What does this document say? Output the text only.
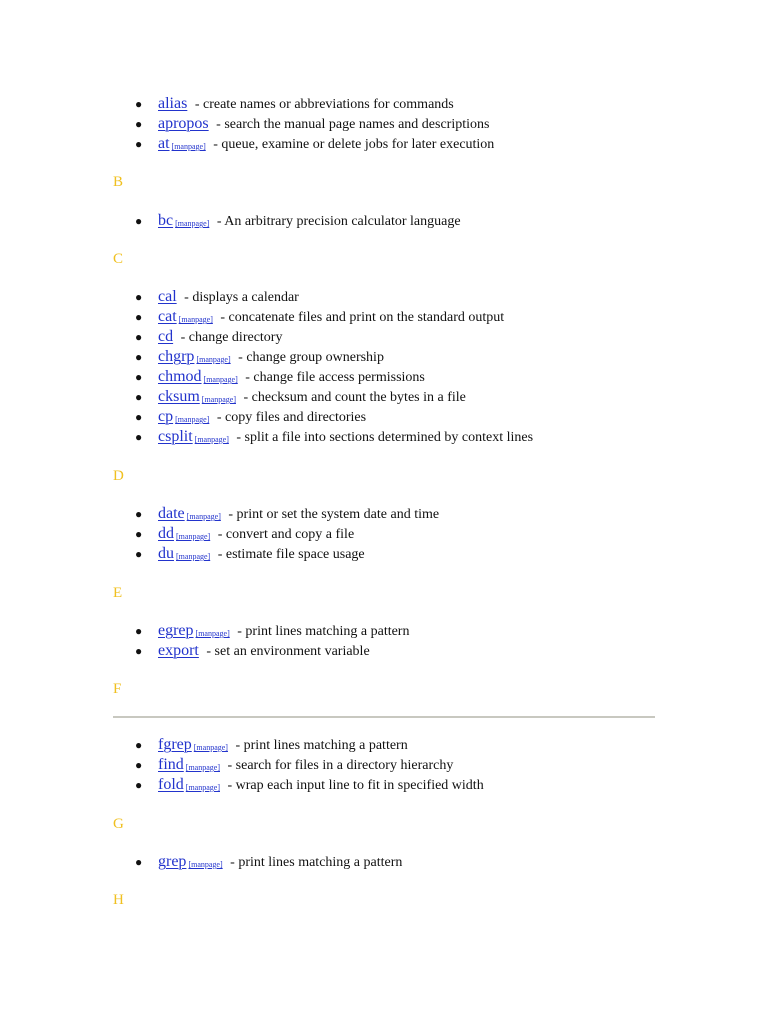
● alias - create names or abbreviations for commands
● apropos - search the manual page names and descriptions
● at [manpage] - queue, examine or delete jobs for later execution

B

● bc [manpage] - An arbitrary precision calculator language

C

● cal - displays a calendar
● cat [manpage] - concatenate files and print on the standard output
● cd - change directory
● chgrp [manpage] - change group ownership
● chmod [manpage] - change file access permissions
● cksum [manpage] - checksum and count the bytes in a file
● cp [manpage] - copy files and directories
● csplit [manpage] - split a file into sections determined by context lines

D

● date [manpage] - print or set the system date and time
● dd [manpage] - convert and copy a file
● du [manpage] - estimate file space usage

E

● egrep [manpage] - print lines matching a pattern
● export - set an environment variable

F

● fgrep [manpage] - print lines matching a pattern
● find [manpage] - search for files in a directory hierarchy
● fold [manpage] - wrap each input line to fit in specified width

G

● grep [manpage] - print lines matching a pattern

H
